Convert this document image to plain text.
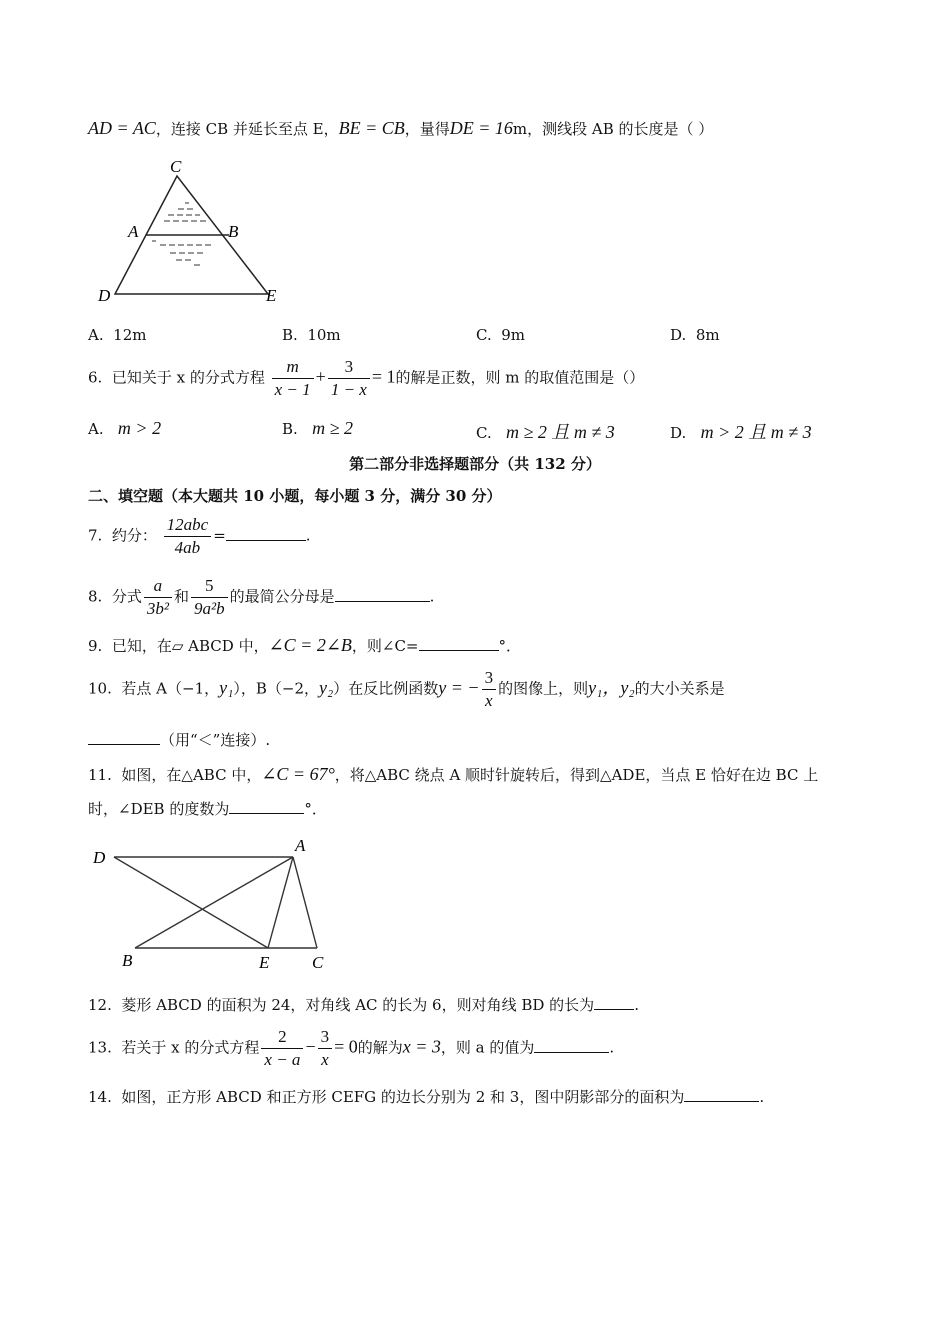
AD = AC，连接 CB 并延长至点 E，BE = CB，量得DE = 16m，测线段 AB 的长度是（ ）
C
A	B
D	E
A. 12m	B. 10m	C. 9m	D. 8m
6. 已知关于 x 的分式方程 $\frac{m}{x - 1} + \frac{3}{1 - x} = 1$的解是正数，则 m 的取值范围是（）
A. m > 2	B. m ≥ 2	C. m ≥ 2 且 m ≠ 3	D. m > 2 且 m ≠ 3
第二部分非选择题部分（共 132 分）
二、填空题（本大题共 10 小题，每小题 3 分，满分 30 分）
7. 约分： $\frac{\text{12abc}}{4ab}$ =	.
8. 分式 $\frac{a}{\text{3b²}}$ 和 $\frac{5}{\text{9a²b}}$ 的最简公分母是	.
9. 已知，在▱ ABCD 中，∠C = 2∠B，则∠C=	°．
10. 若点 A（−1，y₁），B（−2，y₂）在反比例函数y = − $\frac{3}{x}$ 的图像上，则y₁，y₂的大小关系是
（用“＜”连接）.
11. 如图，在△ABC 中，∠C = 67°，将△ABC 绕点 A 顺时针旋转后，得到△ADE，当点 E 恰好在边 BC 上
时，∠DEB 的度数为	°．
D
A
B	E	C
12. 菱形 ABCD 的面积为 24，对角线 AC 的长为 6，则对角线 BD 的长为	.
13. 若关于 x 的分式方程 $\frac{2}{x - a} - \frac{3}{x} = 0$的解为x = 3，则 a 的值为	.
14. 如图，正方形 ABCD 和正方形 CEFG 的边长分别为 2 和 3，图中阴影部分的面积为	.
